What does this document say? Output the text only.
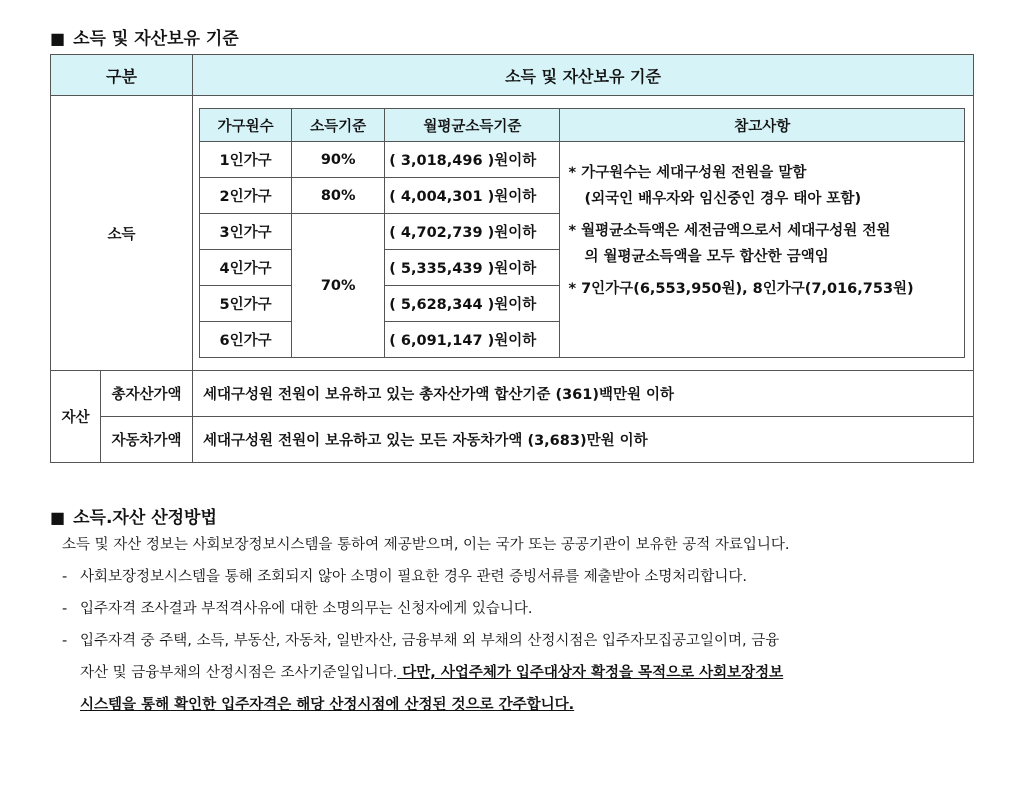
■ 소득 및 자산보유 기준
구분	소득 및 자산보유 기준
소득	
가구원수	소득기준	월평균소득기준	참고사항
1인가구	90%	( 3,018,496 )원이하	

* 가구원수는 세대구성원 전원을 말함
(외국인 배우자와 임신중인 경우 태아 포함)

* 월평균소득액은 세전금액으로서 세대구성원 전원
의 월평균소득액을 모두 합산한 금액임

* 7인가구(6,553,950원), 8인가구(7,016,753원)

2인가구	80%	( 4,004,301 )원이하
3인가구	70%	( 4,702,739 )원이하
4인가구	( 5,335,439 )원이하
5인가구	( 5,628,344 )원이하
6인가구	( 6,091,147 )원이하

자산	총자산가액	세대구성원 전원이 보유하고 있는 총자산가액 합산기준 (361)백만원 이하
자동차가액	세대구성원 전원이 보유하고 있는 모든 자동차가액 (3,683)만원 이하
■ 소득.자산 산정방법
소득 및 자산 정보는 사회보장정보시스템을 통하여 제공받으며, 이는 국가 또는 공공기관이 보유한 공적 자료입니다.
- 사회보장정보시스템을 통해 조회되지 않아 소명이 필요한 경우 관련 증빙서류를 제출받아 소명처리합니다.
- 입주자격 조사결과 부적격사유에 대한 소명의무는 신청자에게 있습니다.
- 입주자격 중 주택, 소득, 부동산, 자동차, 일반자산, 금융부채 외 부채의 산정시점은 입주자모집공고일이며, 금융
자산 및 금융부채의 산정시점은 조사기준일입니다. 다만, 사업주체가 입주대상자 확정을 목적으로 사회보장정보
시스템을 통해 확인한 입주자격은 해당 산정시점에 산정된 것으로 간주합니다.
